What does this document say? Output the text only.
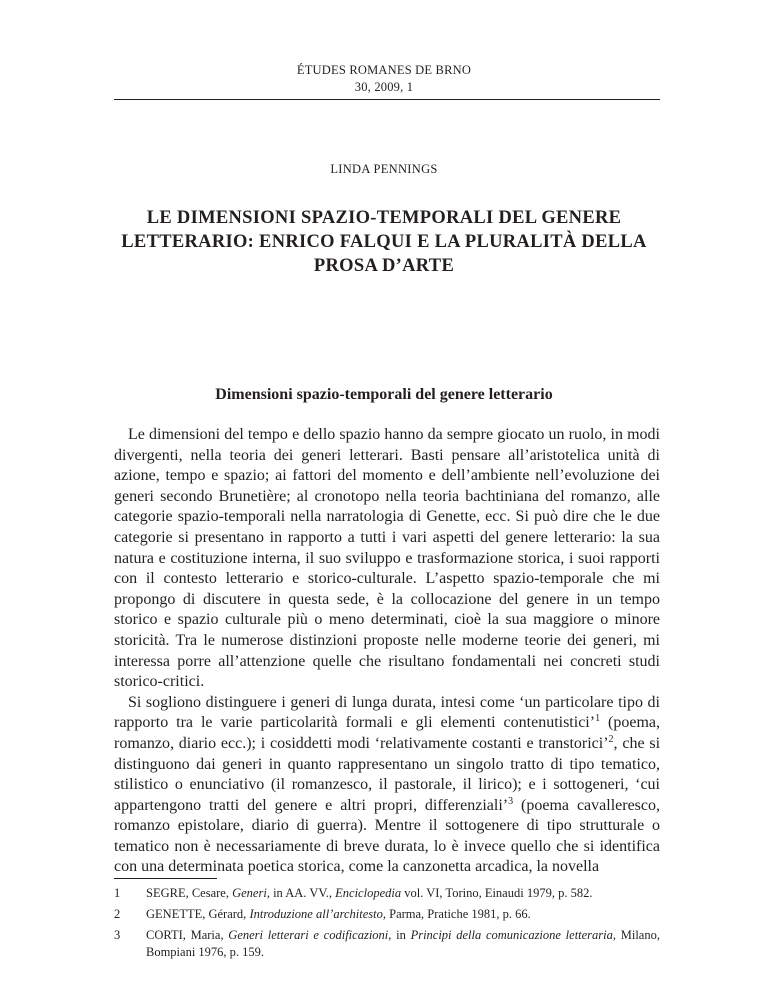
ÉTUDES ROMANES DE BRNO
30, 2009, 1
LINDA PENNINGS
LE DIMENSIONI SPAZIO-TEMPORALI DEL GENERE
LETTERARIO: ENRICO FALQUI E LA PLURALITÀ DELLA
PROSA D’ARTE
Dimensioni spazio-temporali del genere letterario

Le dimensioni del tempo e dello spazio hanno da sempre giocato un ruolo, in modi divergenti, nella teoria dei generi letterari. Basti pensare all’aristotelica unità di azione, tempo e spazio; ai fattori del momento e dell’ambiente nell’evoluzione dei generi secondo Brunetière; al cronotopo nella teoria bachtiniana del romanzo, alle categorie spazio-temporali nella narratologia di Genette, ecc. Si può dire che le due categorie si presentano in rapporto a tutti i vari aspetti del genere letterario: la sua natura e costituzione interna, il suo sviluppo e trasformazione storica, i suoi rapporti con il contesto letterario e storico-culturale. L’aspetto spazio-temporale che mi propongo di discutere in questa sede, è la collocazione del genere in un tempo storico e spazio culturale più o meno determinati, cioè la sua maggiore o minore storicità. Tra le numerose distinzioni proposte nelle moderne teorie dei generi, mi interessa porre all’attenzione quelle che risultano fondamentali nei concreti studi storico-critici.

Si sogliono distinguere i generi di lunga durata, intesi come ‘un particolare tipo di rapporto tra le varie particolarità formali e gli elementi contenutistici’$^1$ (poema, romanzo, diario ecc.); i cosiddetti modi ‘relativamente costanti e transtorici’$^2$, che si distinguono dai generi in quanto rappresentano un singolo tratto di tipo tematico, stilistico o enunciativo (il romanzesco, il pastorale, il lirico); e i sottogeneri, ‘cui appartengono tratti del genere e altri propri, differenziali’$^3$ (poema cavalleresco, romanzo epistolare, diario di guerra). Mentre il sottogenere di tipo strutturale o tematico non è necessariamente di breve durata, lo è invece quello che si identifica con una determinata poetica storica, come la canzonetta arcadica, la novella

1	SEGRE, Cesare, Generi, in AA. VV., Enciclopedia vol. VI, Torino, Einaudi 1979, p. 582.
2	GENETTE, Gérard, Introduzione all’architesto, Parma, Pratiche 1981, p. 66.
3	CORTI, Maria, Generi letterari e codificazioni, in Principi della comunicazione letteraria, Milano, Bompiani 1976, p. 159.
